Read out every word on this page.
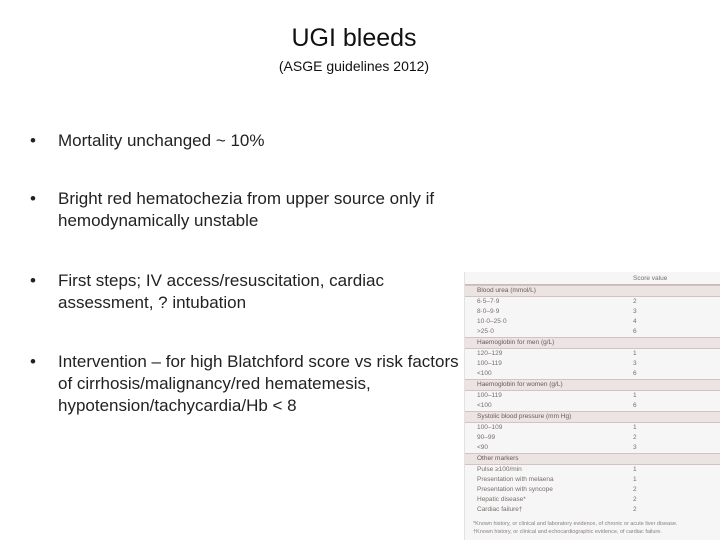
UGI bleeds
(ASGE guidelines 2012)
• Mortality unchanged ~ 10%
• Bright red hematochezia from upper source only if hemodynamically unstable
• First steps; IV access/resuscitation, cardiac assessment, ? intubation
• Intervention – for high Blatchford score vs risk factors of cirrhosis/malignancy/red hematemesis, hypotension/tachycardia/Hb < 8
Score value
Blood urea (mmol/L)
6·5–7·9	2
8·0–9·9	3
10·0–25·0	4
>25·0	6
Haemoglobin for men (g/L)
120–129	1
100–119	3
<100	6
Haemoglobin for women (g/L)
100–119	1
<100	6
Systolic blood pressure (mm Hg)
100–109	1
90–99	2
<90	3
Other markers
Pulse ≥100/min	1
Presentation with melaena	1
Presentation with syncope	2
Hepatic disease*	2
Cardiac failure†	2
*Known history, or clinical and laboratory evidence, of chronic or acute liver disease.
†Known history, or clinical and echocardiographic evidence, of cardiac failure.
